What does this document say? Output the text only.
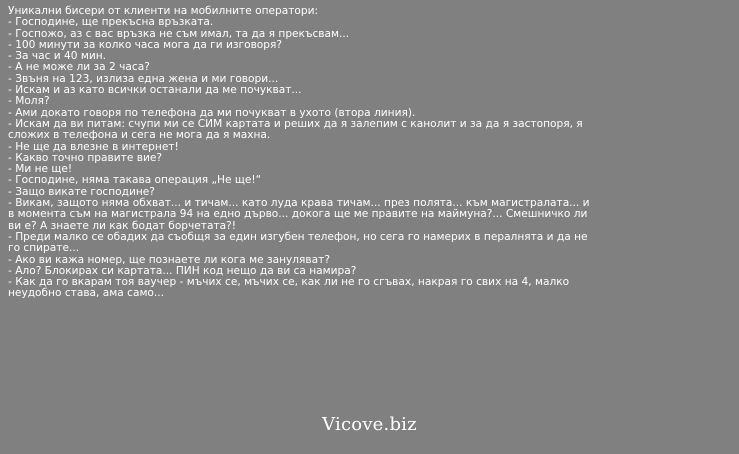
Уникални бисери от клиенти на мобилните оператори:

- Господине, ще прекъсна връзката.

- Госпожо, аз с вас връзка не съм имал, та да я прекъсвам...

- 100 минути за колко часа мога да ги изговоря?

- За час и 40 мин.

- А не може ли за 2 часа?

- Звъня на 123, излиза една жена и ми говори...

- Искам и аз като всички останали да ме почукват...

- Моля?

- Ами докато говоря по телефона да ми почукват в ухото (втора линия).

- Искам да ви питам: счупи ми се СИМ картата и реших да я залепим с канолит и за да я застопоря, я сложих в телефона и сега не мога да я махна.

- Не ще да влезне в интернет!

- Какво точно правите вие?

- Ми не ще!

- Господине, няма такава операция „Не ще!“

- Защо викате господине?

- Викам, защото няма обхват... и тичам... като луда крава тичам... през полята... към магистралата... и в момента съм на магистрала 94 на едно дърво... докога ще ме правите на маймуна?... Смешничко ли ви е? А знаете ли как бодат борчетата?!

- Преди малко се обадих да съобщя за един изгубен телефон, но сега го намерих в пералнята и да не го спирате...

- Ако ви кажа номер, ще познаете ли кога ме зануляват?

- Ало? Блокирах си картата... ПИН код нещо да ви са намира?

- Как да го вкарам тоя ваучер - мъчих се, мъчих се, как ли не го сгъвах, накрая го свих на 4, малко неудобно става, ама само...

Vicove.biz
